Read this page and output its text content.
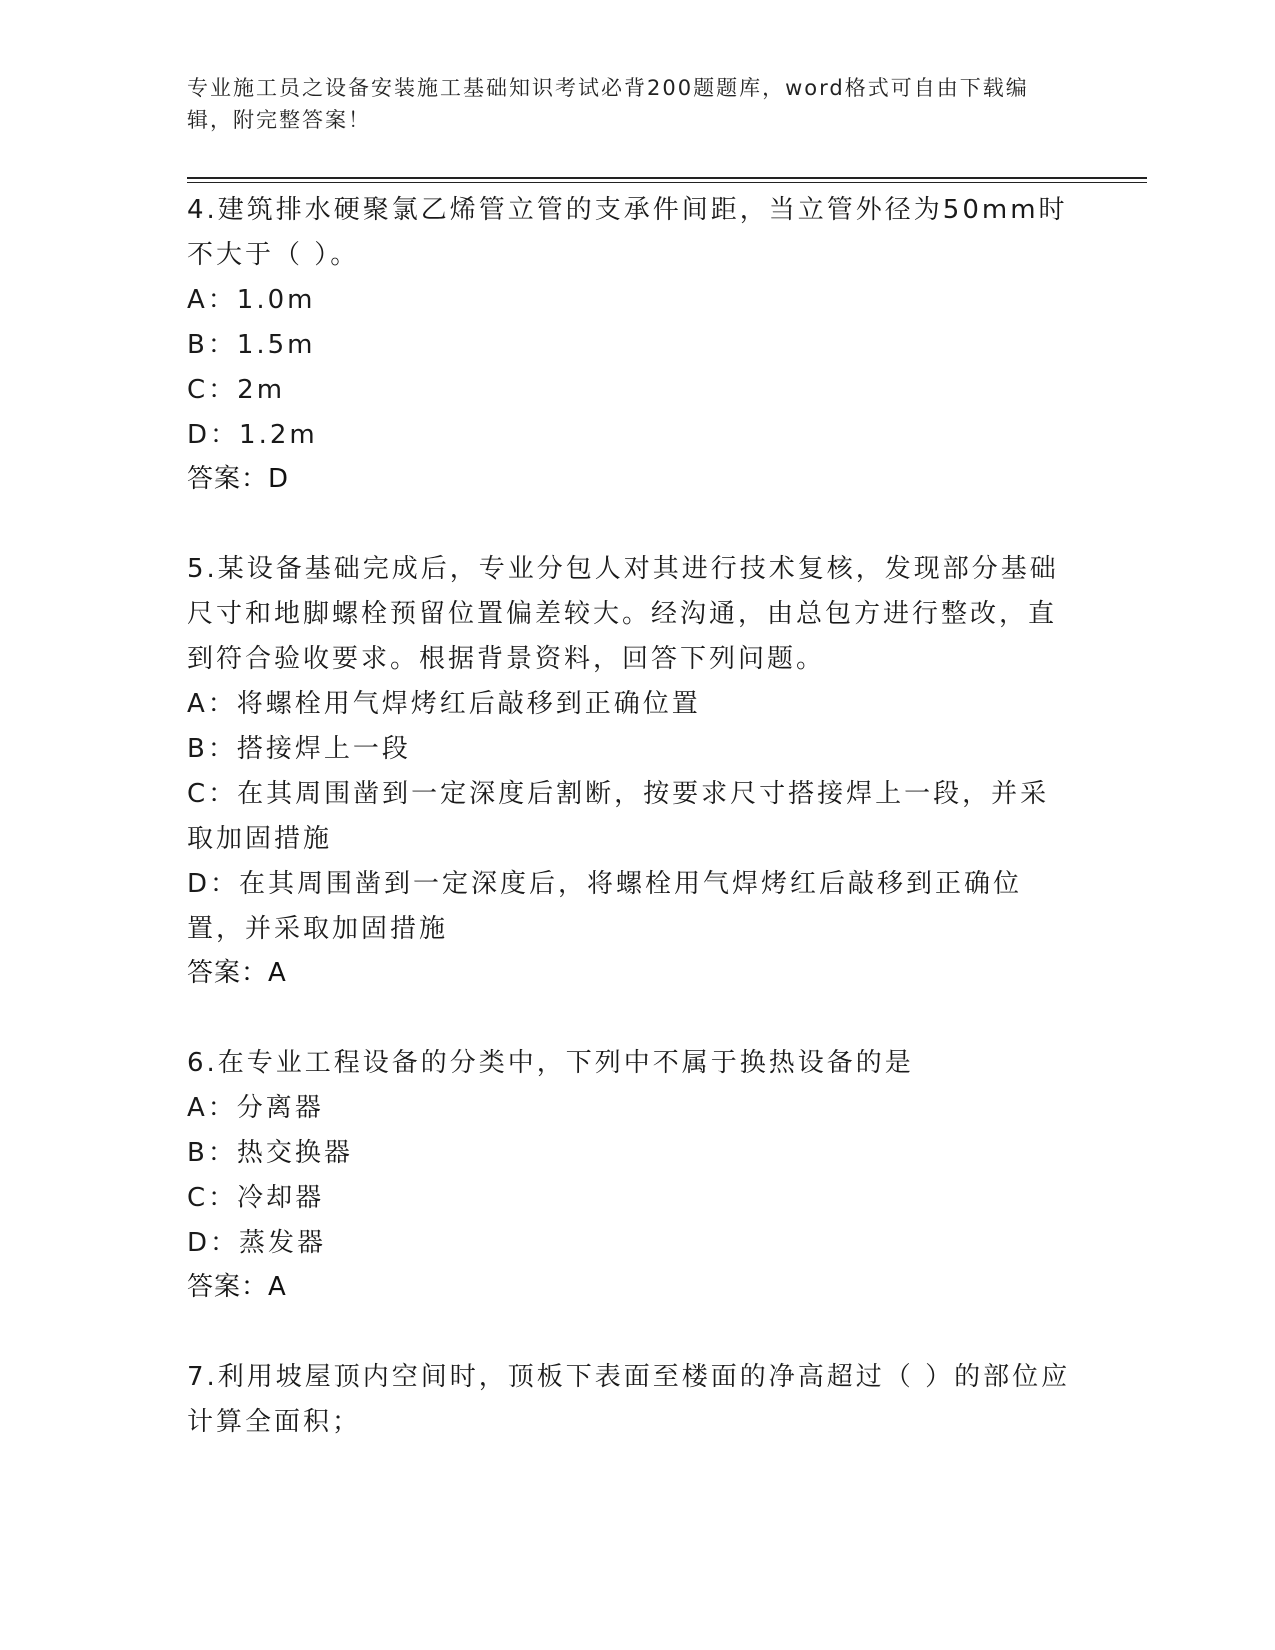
专业施工员之设备安装施工基础知识考试必背200题题库，word格式可自由下载编辑，附完整答案！
4.建筑排水硬聚氯乙烯管立管的支承件间距，当立管外径为50mm时不大于（ ）。
A：1.0m
B：1.5m
C：2m
D：1.2m
答案：D
5.某设备基础完成后，专业分包人对其进行技术复核，发现部分基础尺寸和地脚螺栓预留位置偏差较大。经沟通，由总包方进行整改，直到符合验收要求。根据背景资料，回答下列问题。
A：将螺栓用气焊烤红后敲移到正确位置
B：搭接焊上一段
C：在其周围凿到一定深度后割断，按要求尺寸搭接焊上一段，并采取加固措施
D：在其周围凿到一定深度后，将螺栓用气焊烤红后敲移到正确位置，并采取加固措施
答案：A
6.在专业工程设备的分类中，下列中不属于换热设备的是
A：分离器
B：热交换器
C：冷却器
D：蒸发器
答案：A
7.利用坡屋顶内空间时，顶板下表面至楼面的净高超过（ ）的部位应计算全面积；
